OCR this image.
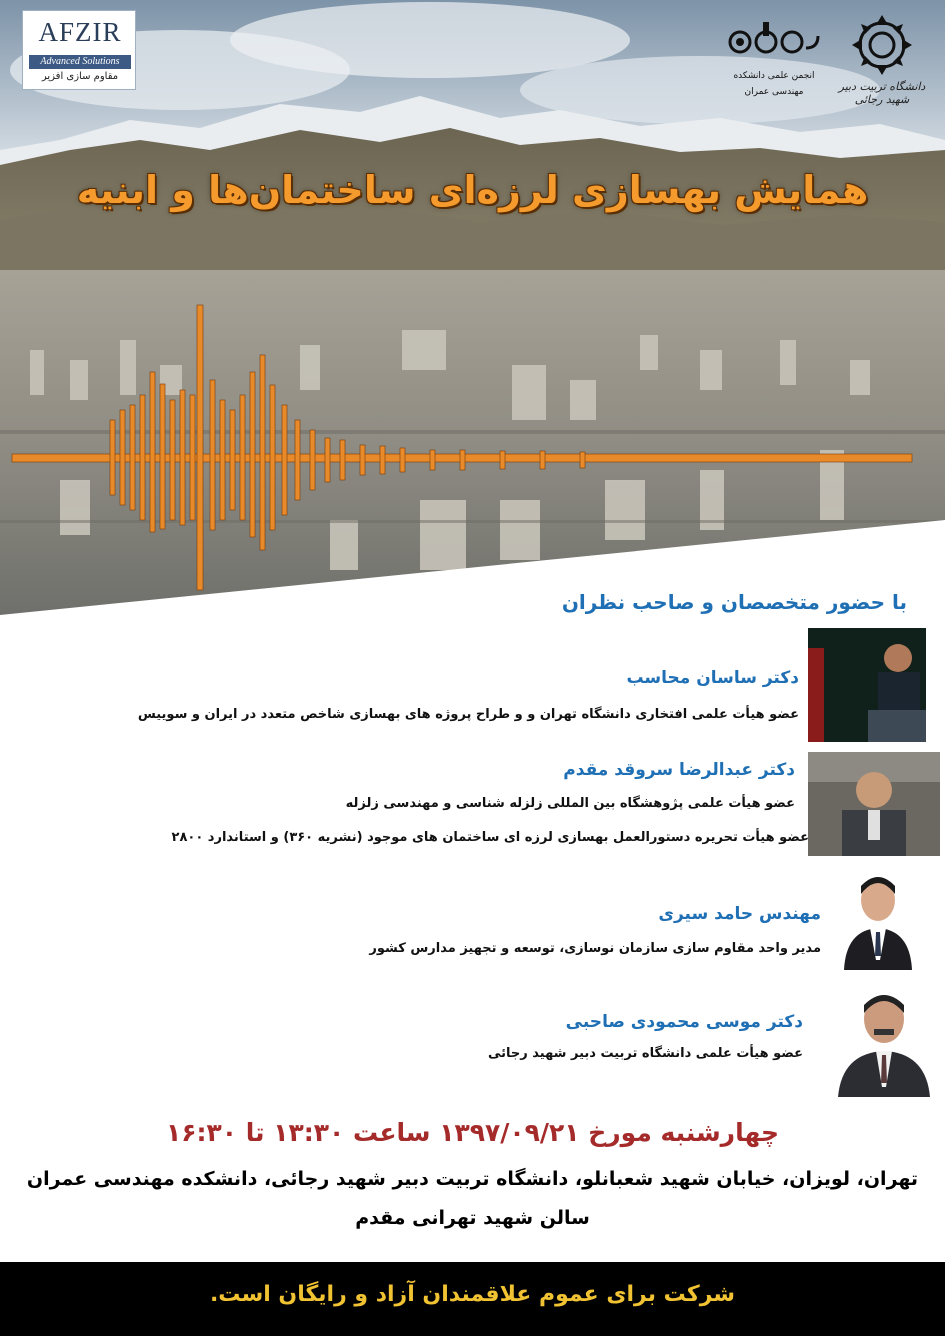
همایش بهسازی لرزه‌ای ساختمان‌ها و ابنیه
AFZIR
Advanced Solutions
مقاوم سازی افزیر	انجمن علمی دانشکده
مهندسی عمران	دانشگاه تربیت دبیر شهید رجائی
با حضور متخصصان و صاحب نظران
دکتر ساسان محاسب
عضو هیأت علمی افتخاری دانشگاه تهران و و طراح پروژه های بهسازی شاخص متعدد در ایران و سوییس
دکتر عبدالرضا سروقد مقدم
عضو هیأت علمی پژوهشگاه بین المللی زلزله شناسی و مهندسی زلزله
عضو هیأت تحریره دستورالعمل بهسازی لرزه ای ساختمان های موجود (نشریه ۳۶۰) و استاندارد ۲۸۰۰
مهندس حامد سیری
مدیر واحد مقاوم سازی سازمان نوسازی، توسعه و تجهیز مدارس کشور
دکتر موسی محمودی صاحبی
عضو هیأت علمی دانشگاه تربیت دبیر شهید رجائی
چهارشنبه مورخ ۱۳۹۷/۰۹/۲۱ ساعت ۱۳:۳۰ تا ۱۶:۳۰
تهران، لویزان، خیابان شهید شعبانلو، دانشگاه تربیت دبیر شهید رجائی، دانشکده مهندسی عمران
سالن شهید تهرانی مقدم
شرکت برای عموم علاقمندان آزاد و رایگان است.
